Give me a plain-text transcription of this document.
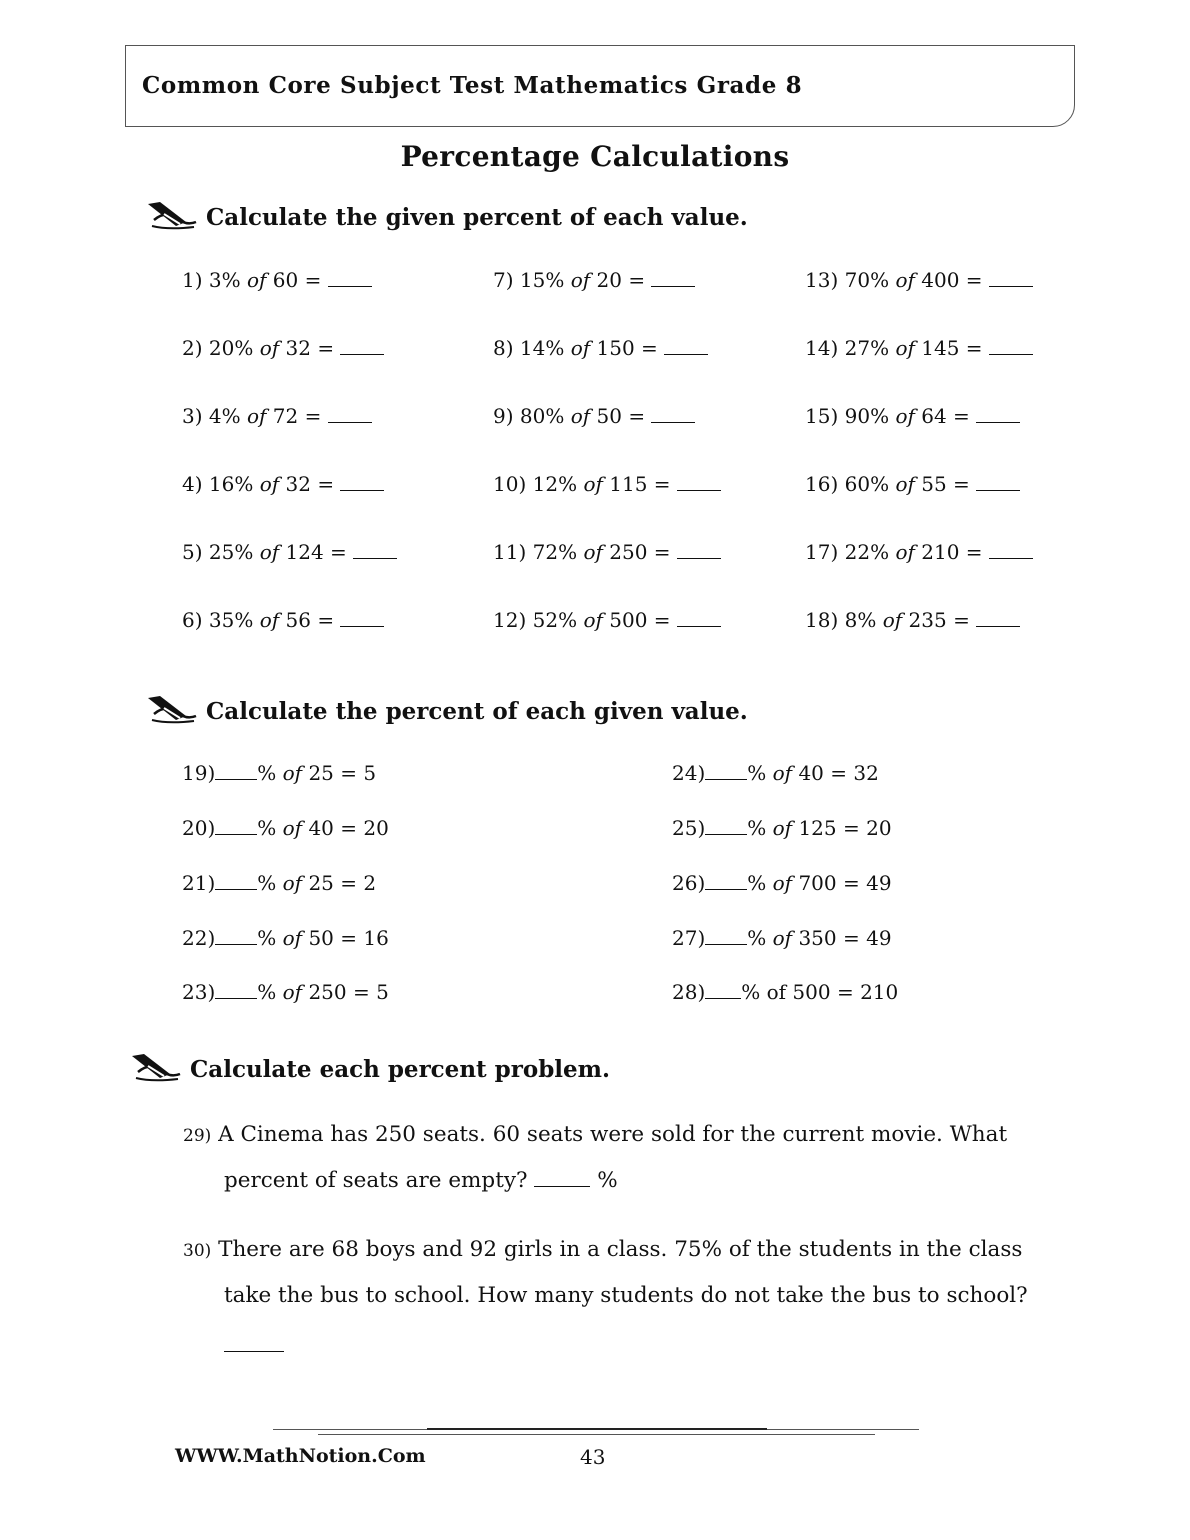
Common Core Subject Test Mathematics Grade 8
Percentage Calculations
Calculate the given percent of each value.
1) 3% of 60 =
2) 20% of 32 =
3) 4% of 72 =
4) 16% of 32 =
5) 25% of 124 =
6) 35% of 56 =
7) 15% of 20 =
8) 14% of 150 =
9) 80% of 50 =
10) 12% of 115 =
11) 72% of 250 =
12) 52% of 500 =
13) 70% of 400 =
14) 27% of 145 =
15) 90% of 64 =
16) 60% of 55 =
17) 22% of 210 =
18) 8% of 235 =
Calculate the percent of each given value.
19) % of 25 = 5
20) % of 40 = 20
21) % of 25 = 2
22) % of 50 = 16
23) % of 250 = 5
24) % of 40 = 32
25) % of 125 = 20
26) % of 700 = 49
27) % of 350 = 49
28) % of 500 = 210
Calculate each percent problem.
29) A Cinema has 250 seats. 60 seats were sold for the current movie. What
percent of seats are empty?	%
30) There are 68 boys and 92 girls in a class. 75% of the students in the class
take the bus to school. How many students do not take the bus to school?
WWW.MathNotion.Com	43
